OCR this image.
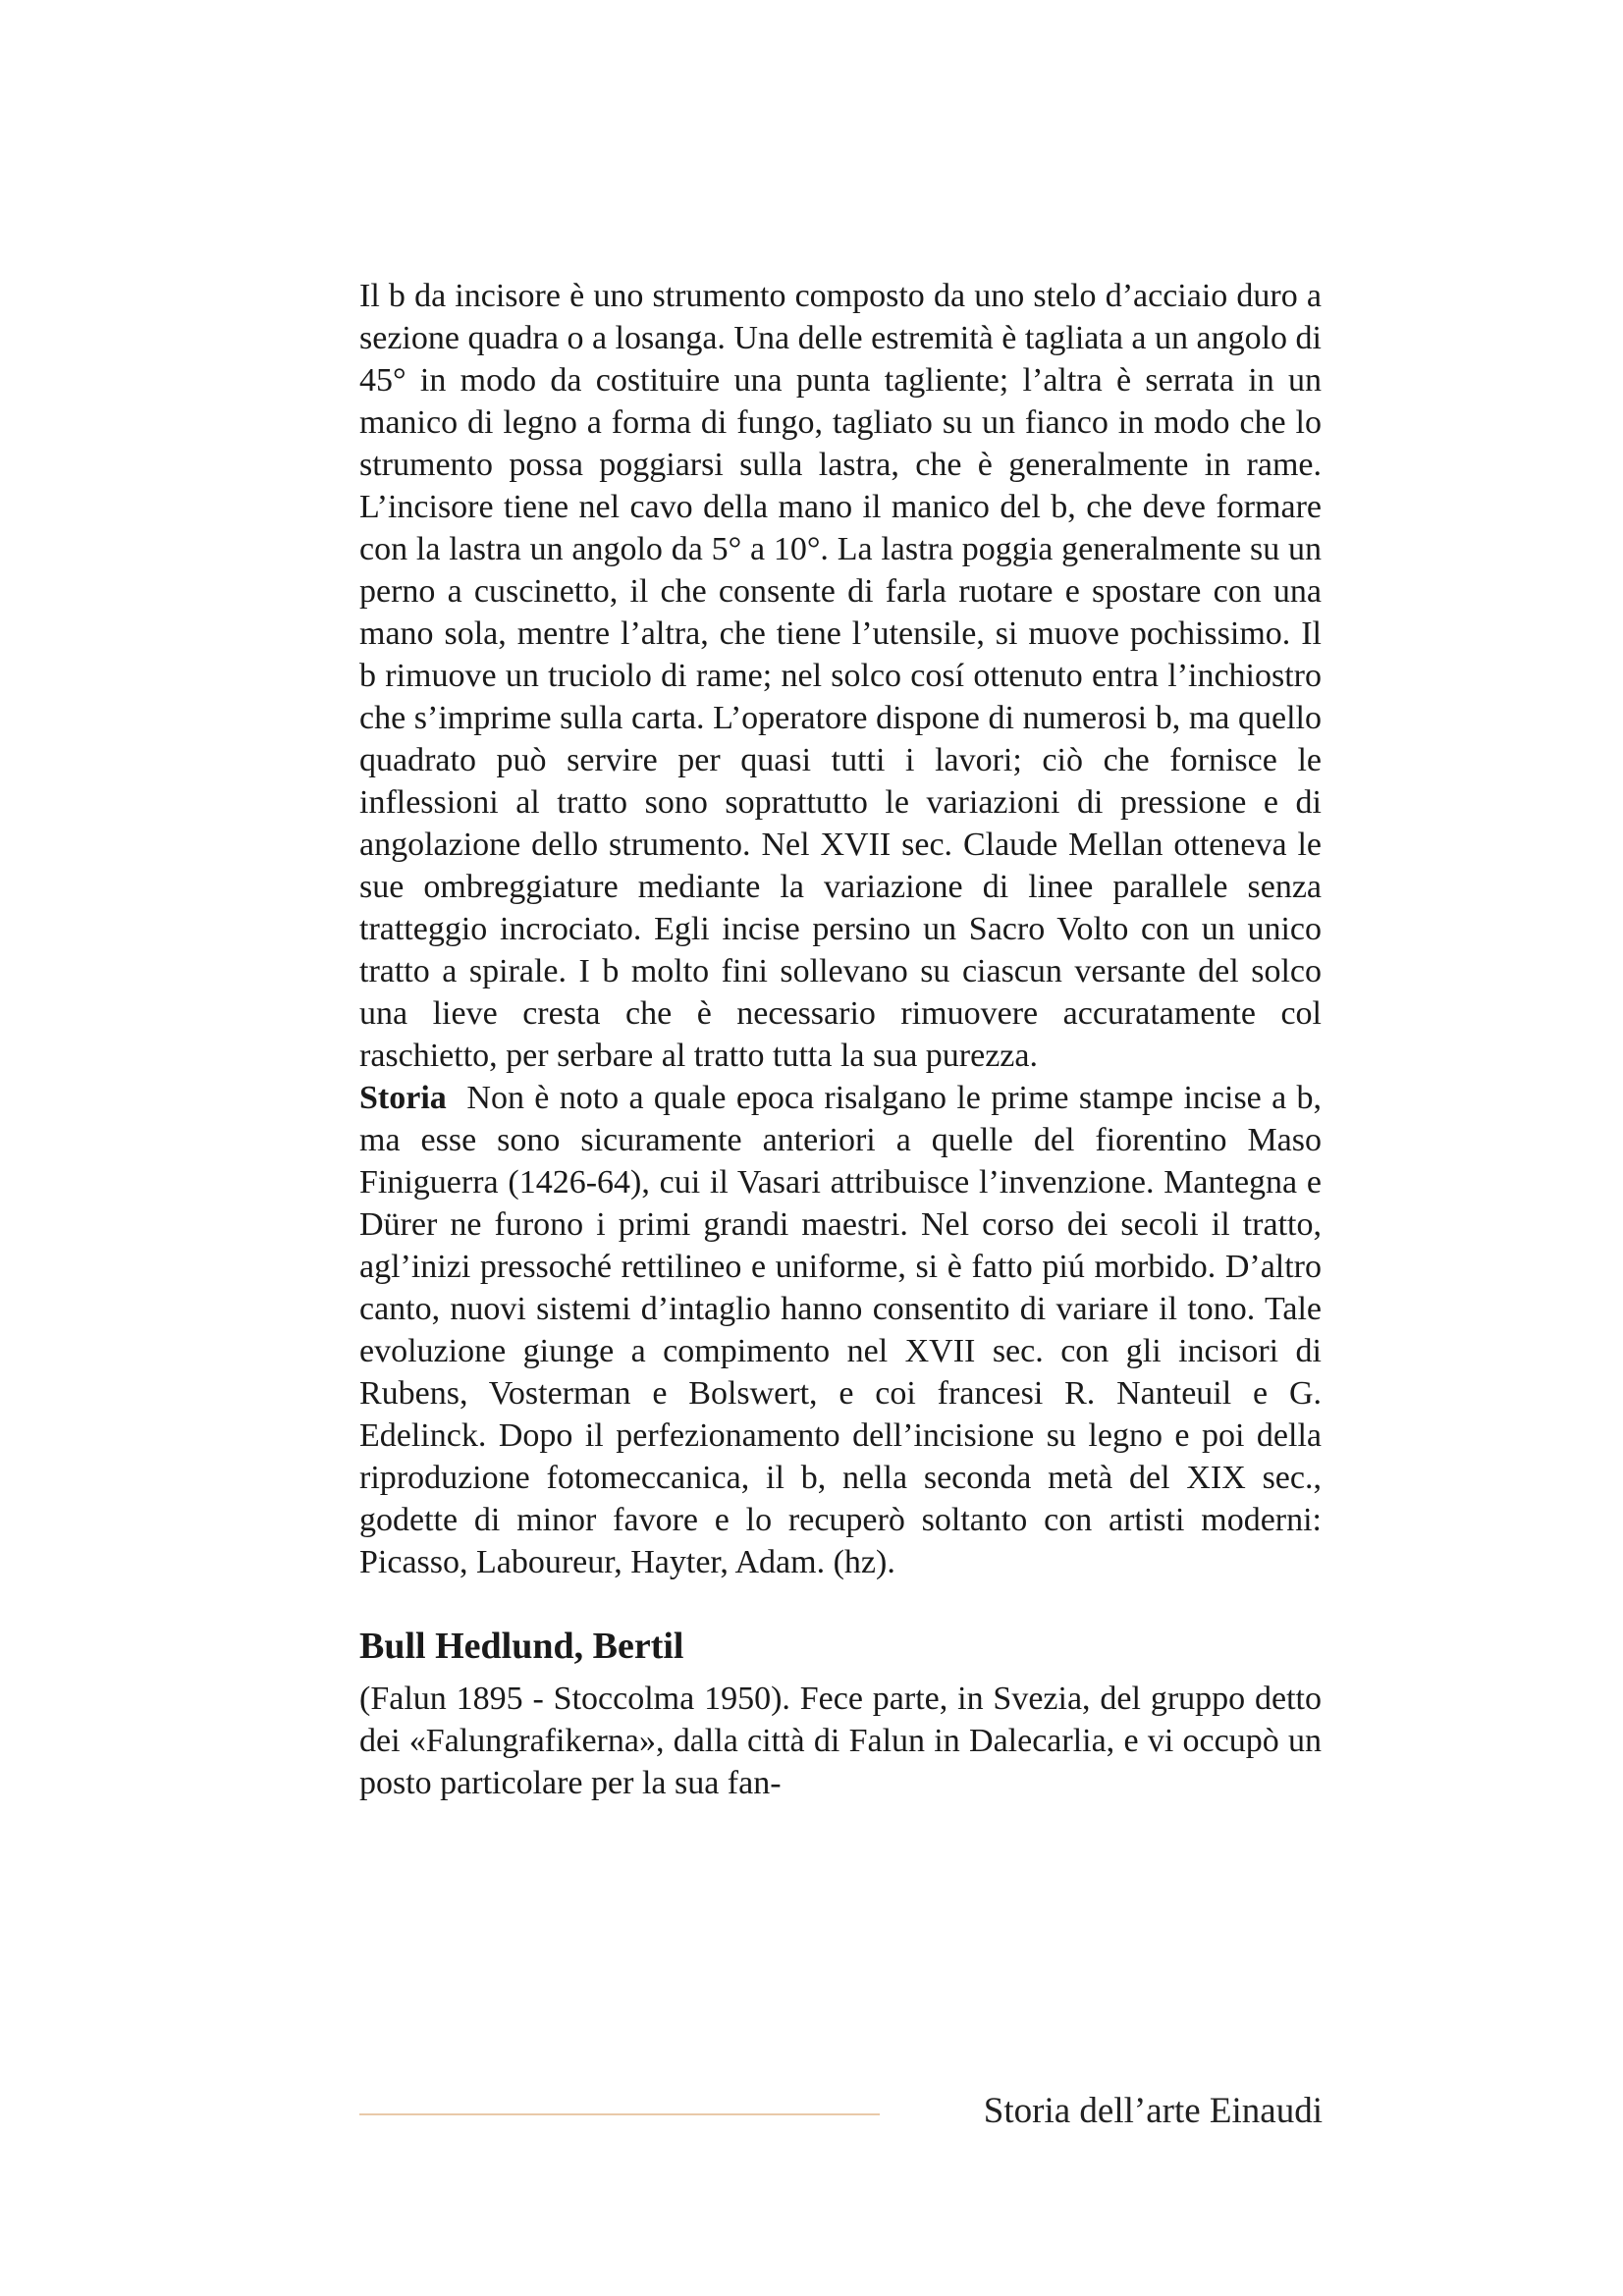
Il b da incisore è uno strumento composto da uno stelo d’acciaio duro a sezione quadra o a losanga. Una delle estremità è tagliata a un angolo di 45° in modo da costituire una punta tagliente; l’altra è serrata in un manico di legno a forma di fungo, tagliato su un fianco in modo che lo strumento possa poggiarsi sulla lastra, che è generalmente in rame. L’incisore tiene nel cavo della mano il manico del b, che deve formare con la lastra un angolo da 5° a 10°. La lastra poggia generalmente su un perno a cuscinetto, il che consente di farla ruotare e spostare con una mano sola, mentre l’altra, che tiene l’utensile, si muove pochissimo. Il b rimuove un truciolo di rame; nel solco cosí ottenuto entra l’inchiostro che s’imprime sulla carta. L’operatore dispone di numerosi b, ma quello quadrato può servire per quasi tutti i lavori; ciò che fornisce le inflessioni al tratto sono soprattutto le variazioni di pressione e di angolazione dello strumento. Nel XVII sec. Claude Mellan otteneva le sue ombreggiature mediante la variazione di linee parallele senza tratteggio incrociato. Egli incise persino un Sacro Volto con un unico tratto a spirale. I b molto fini sollevano su ciascun versante del solco una lieve cresta che è necessario rimuovere accuratamente col raschietto, per serbare al tratto tutta la sua purezza.

Storia Non è noto a quale epoca risalgano le prime stampe incise a b, ma esse sono sicuramente anteriori a quelle del fiorentino Maso Finiguerra (1426-64), cui il Vasari attribuisce l’invenzione. Mantegna e Dürer ne furono i primi grandi maestri. Nel corso dei secoli il tratto, agl’inizi pressoché rettilineo e uniforme, si è fatto piú morbido. D’altro canto, nuovi sistemi d’intaglio hanno consentito di variare il tono. Tale evoluzione giunge a compimento nel XVII sec. con gli incisori di Rubens, Vosterman e Bolswert, e coi francesi R. Nanteuil e G. Edelinck. Dopo il perfezionamento dell’incisione su legno e poi della riproduzione fotomeccanica, il b, nella seconda metà del XIX sec., godette di minor favore e lo recuperò soltanto con artisti moderni: Picasso, Laboureur, Hayter, Adam. (hz).

Bull Hedlund, Bertil

(Falun 1895 - Stoccolma 1950). Fece parte, in Svezia, del gruppo detto dei «Falungrafikerna», dalla città di Falun in Dalecarlia, e vi occupò un posto particolare per la sua fan-

Storia dell’arte Einaudi
